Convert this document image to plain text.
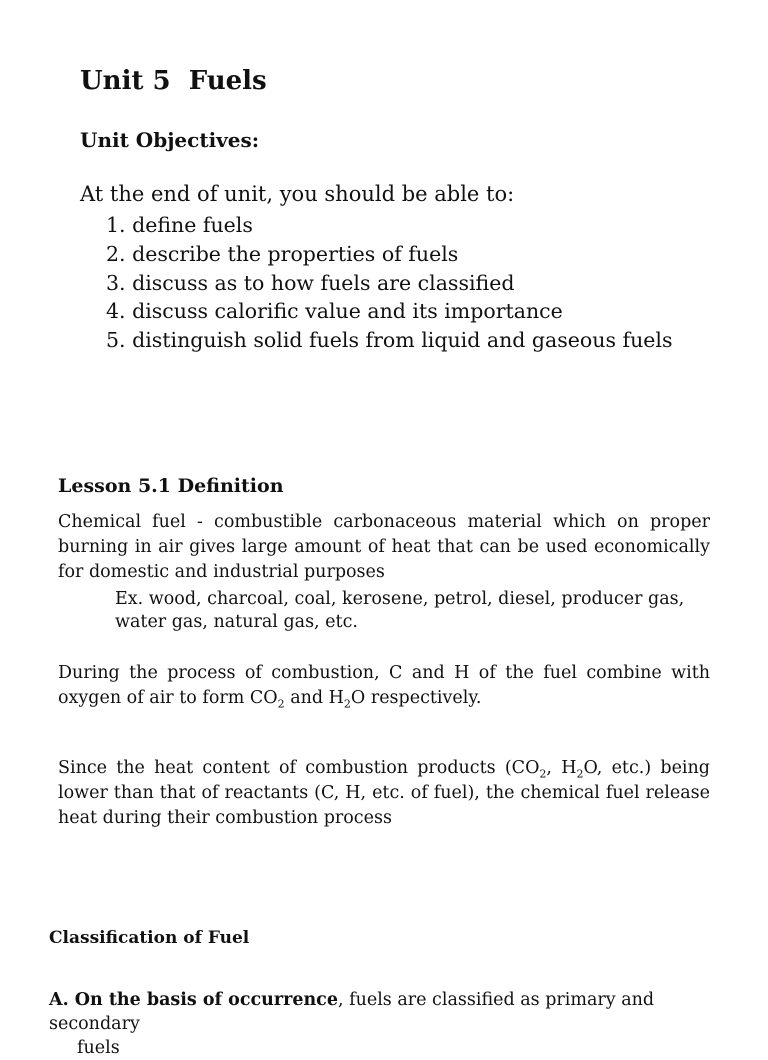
Unit 5  Fuels
Unit Objectives:
At the end of unit, you should be able to:
1. define fuels
2. describe the properties of fuels
3. discuss as to how fuels are classified
4. discuss calorific value and its importance
5. distinguish solid fuels from liquid and gaseous fuels
Lesson 5.1 Definition
Chemical fuel - combustible carbonaceous material which on proper burning in air gives large amount of heat that can be used economically for domestic and industrial purposes
Ex. wood, charcoal, coal, kerosene, petrol, diesel, producer gas, water gas, natural gas, etc.
During the process of combustion, C and H of the fuel combine with oxygen of air to form $CO_2$ and $H_2O$ respectively.
Since the heat content of combustion products ($CO_2$, $H_2O$, etc.) being lower than that of reactants (C, H, etc. of fuel), the chemical fuel release heat during their combustion process
Classification of Fuel
A. On the basis of occurrence, fuels are classified as primary and secondary
fuels
